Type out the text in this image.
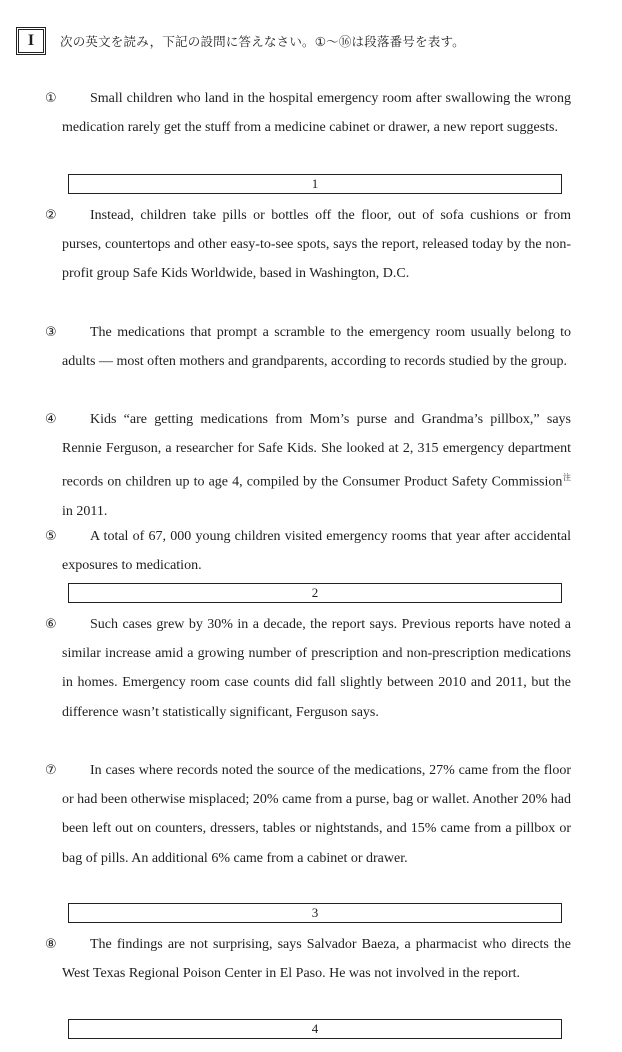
I	次の英文を読み，下記の設問に答えなさい。①～⑯は段落番号を表す。
①	Small children who land in the hospital emergency room after swallowing the wrong medication rarely get the stuff from a medicine cabinet or drawer, a new report suggests.
1
②	Instead, children take pills or bottles off the floor, out of sofa cushions or from purses, countertops and other easy-to-see spots, says the report, released today by the non-profit group Safe Kids Worldwide, based in Washington, D.C.
③	The medications that prompt a scramble to the emergency room usually belong to adults — most often mothers and grandparents, according to records studied by the group.
④	Kids “are getting medications from Mom’s purse and Grandma’s pillbox,” says Rennie Ferguson, a researcher for Safe Kids. She looked at 2, 315 emergency department records on children up to age 4, compiled by the Consumer Product Safety Commission$^注$ in 2011.
⑤	A total of 67, 000 young children visited emergency rooms that year after accidental exposures to medication.
2
⑥	Such cases grew by 30% in a decade, the report says. Previous reports have noted a similar increase amid a growing number of prescription and non-prescription medications in homes. Emergency room case counts did fall slightly between 2010 and 2011, but the difference wasn’t statistically significant, Ferguson says.
⑦	In cases where records noted the source of the medications, 27% came from the floor or had been otherwise misplaced; 20% came from a purse, bag or wallet. Another 20% had been left out on counters, dressers, tables or nightstands, and 15% came from a pillbox or bag of pills. An additional 6% came from a cabinet or drawer.
3
⑧	The findings are not surprising, says Salvador Baeza, a pharmacist who directs the West Texas Regional Poison Center in El Paso. He was not involved in the report.
4
